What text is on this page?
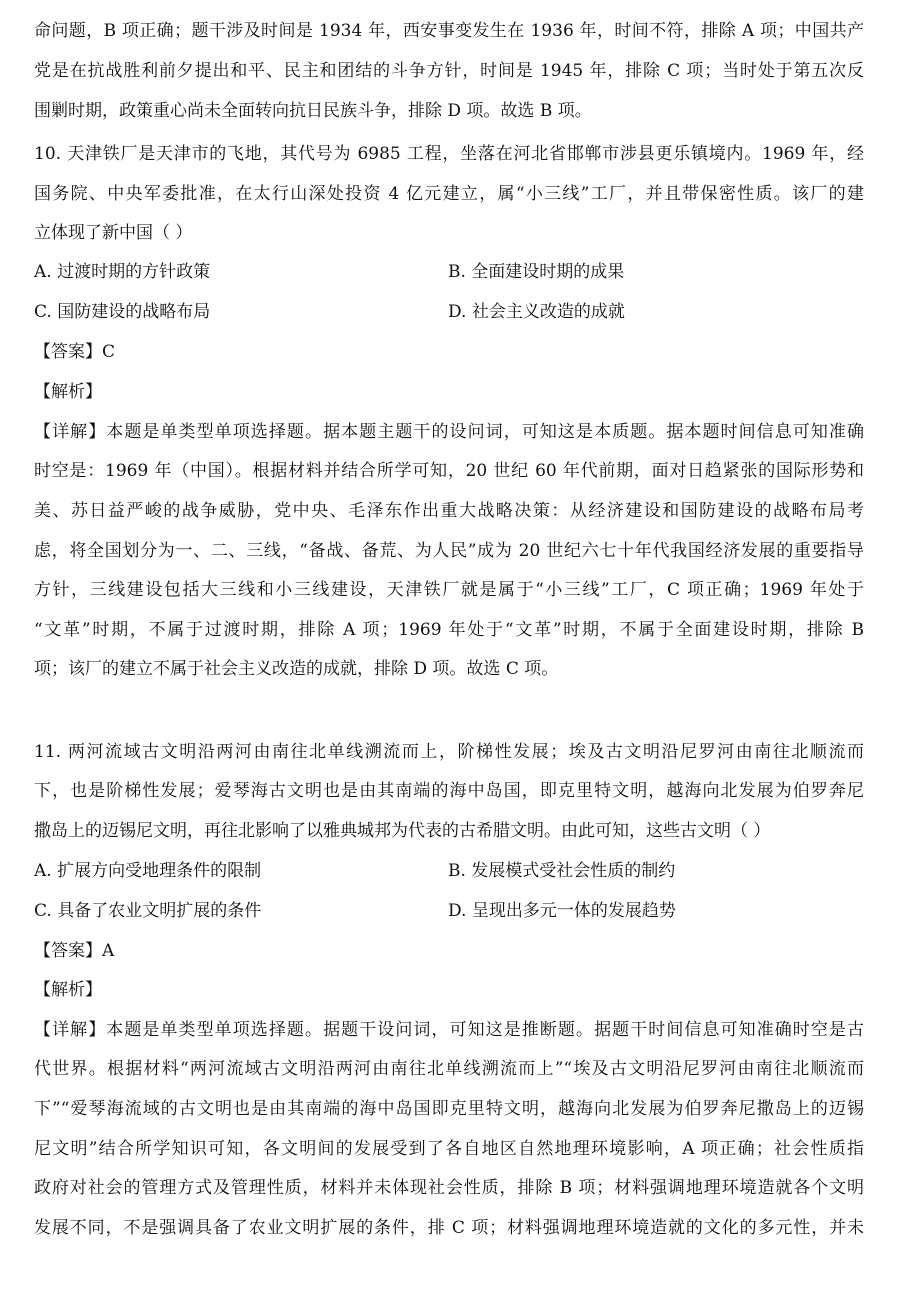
命问题，B 项正确；题干涉及时间是 1934 年，西安事变发生在 1936 年，时间不符，排除 A 项；中国共产
党是在抗战胜利前夕提出和平、民主和团结的斗争方针，时间是 1945 年，排除 C 项；当时处于第五次反
围剿时期，政策重心尚未全面转向抗日民族斗争，排除 D 项。故选 B 项。
10. 天津铁厂是天津市的飞地，其代号为 6985 工程，坐落在河北省邯郸市涉县更乐镇境内。1969 年，经
国务院、中央军委批准，在太行山深处投资 4 亿元建立，属“小三线”工厂，并且带保密性质。该厂的建
立体现了新中国（ ）
A. 过渡时期的方针政策	B. 全面建设时期的成果
C. 国防建设的战略布局	D. 社会主义改造的成就
【答案】C
【解析】
【详解】本题是单类型单项选择题。据本题主题干的设问词，可知这是本质题。据本题时间信息可知准确
时空是：1969 年（中国）。根据材料并结合所学可知，20 世纪 60 年代前期，面对日趋紧张的国际形势和
美、苏日益严峻的战争威胁，党中央、毛泽东作出重大战略决策：从经济建设和国防建设的战略布局考
虑，将全国划分为一、二、三线，“备战、备荒、为人民”成为 20 世纪六七十年代我国经济发展的重要指导
方针，三线建设包括大三线和小三线建设，天津铁厂就是属于“小三线”工厂，C 项正确；1969 年处于
“文革”时期，不属于过渡时期，排除 A 项；1969 年处于“文革”时期，不属于全面建设时期，排除 B
项；该厂的建立不属于社会主义改造的成就，排除 D 项。故选 C 项。
11. 两河流域古文明沿两河由南往北单线溯流而上，阶梯性发展；埃及古文明沿尼罗河由南往北顺流而
下，也是阶梯性发展；爱琴海古文明也是由其南端的海中岛国，即克里特文明，越海向北发展为伯罗奔尼
撒岛上的迈锡尼文明，再往北影响了以雅典城邦为代表的古希腊文明。由此可知，这些古文明（ ）
A. 扩展方向受地理条件的限制	B. 发展模式受社会性质的制约
C. 具备了农业文明扩展的条件	D. 呈现出多元一体的发展趋势
【答案】A
【解析】
【详解】本题是单类型单项选择题。据题干设问词，可知这是推断题。据题干时间信息可知准确时空是古
代世界。根据材料“两河流域古文明沿两河由南往北单线溯流而上”“埃及古文明沿尼罗河由南往北顺流而
下”“爱琴海流域的古文明也是由其南端的海中岛国即克里特文明，越海向北发展为伯罗奔尼撒岛上的迈锡
尼文明”结合所学知识可知，各文明间的发展受到了各自地区自然地理环境影响，A 项正确；社会性质指
政府对社会的管理方式及管理性质，材料并未体现社会性质，排除 B 项；材料强调地理环境造就各个文明
发展不同，不是强调具备了农业文明扩展的条件，排 C 项；材料强调地理环境造就的文化的多元性，并未
